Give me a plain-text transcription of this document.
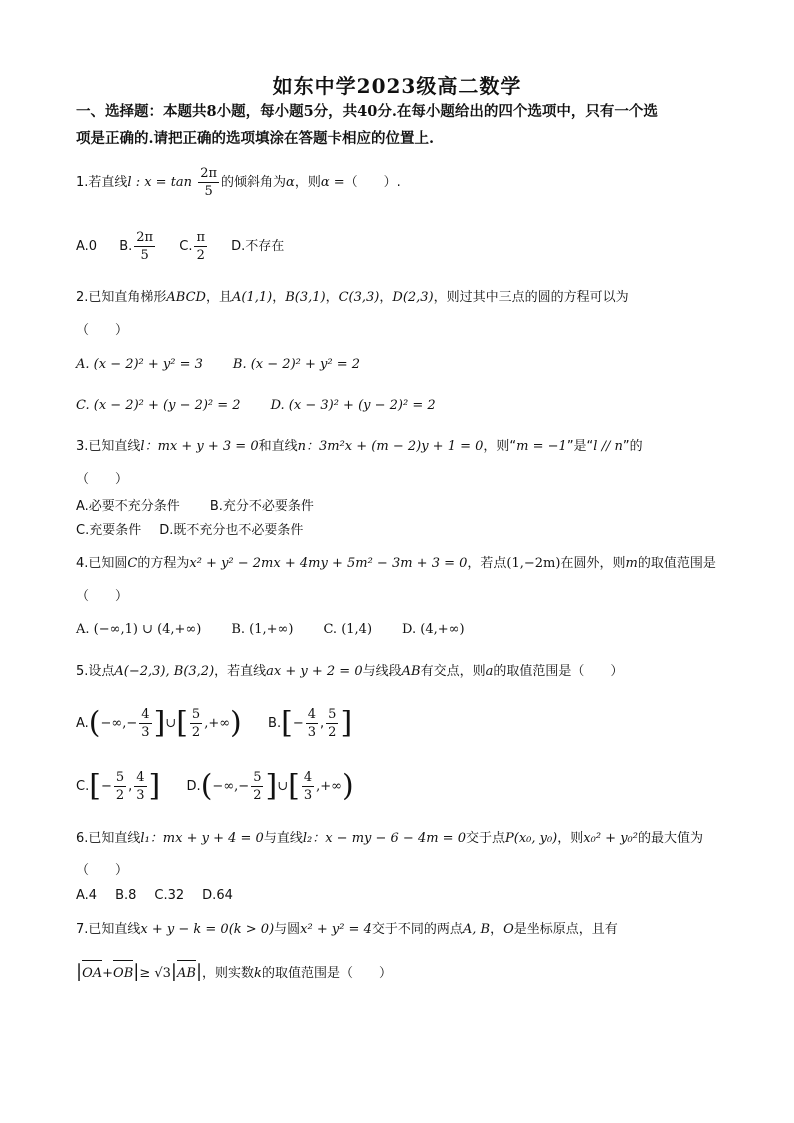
如东中学2023级高二数学
一、选择题：本题共8小题，每小题5分，共40分.在每小题给出的四个选项中，只有一个选
项是正确的.请把正确的选项填涂在答题卡相应的位置上.
1.若直线l : $x = \tan \frac{2\pi}{5}$ 的倾斜角为α，则α =（　　）.
A.0 B. $\frac{2\pi}{5} C$. $\frac{\pi}{2} D$.不存在
2.已知直角梯形ABCD，且A(1,1)，B(3,1)，C(3,3)，D(2,3)，则过其中三点的圆的方程可以为
（　　）
A. (x − 2)² + y² = 3 B. (x − 2)² + y² = 2
C. (x − 2)² + (y − 2)² = 2 D. (x − 3)² + (y − 2)² = 2
3.已知直线l：mx + y + 3 = 0和直线n：3m²x + (m − 2)y + 1 = 0，则“m = −1”是“l // n”的
（　　）
A.必要不充分条件 B.充分不必要条件
C.充要条件 D.既不充分也不必要条件
4.已知圆C的方程为x² + y² − 2mx + 4my + 5m² − 3m + 3 = 0，若点(1,−2m)在圆外，则m的取值范围是
（　　）
A. (−∞,1) ∪ (4,+∞) B. (1,+∞) C. (1,4) D. (4,+∞)
5.设点A(−2,3), B(3,2)，若直线ax + y + 2 = 0与线段AB有交点，则a的取值范围是（　　）
$A.(-\infty,- \frac{4}{3}$ ]∪[ $\frac{5}{2}$ ,+∞) $B.[- \frac{4}{3}$ , $\frac{5}{2}$ ]
$C.[- \frac{5}{2}$ , $\frac{4}{3}$ ] $D.(-\infty,- \frac{5}{2}$ ]∪[ $\frac{4}{3}$ ,+∞)
6.已知直线l₁：mx + y + 4 = 0与直线l₂：x − my − 6 − 4m = 0交于点P(x₀, y₀)，则x₀² + y₀²的最大值为
（　　）
A.4 B.8 C.32 D.64
7.已知直线x + y − k = 0(k > 0)与圆x² + y² = 4交于不同的两点A, B，O是坐标原点，且有
|OA+OB|≥ √3|AB|，则实数k的取值范围是（　　）
